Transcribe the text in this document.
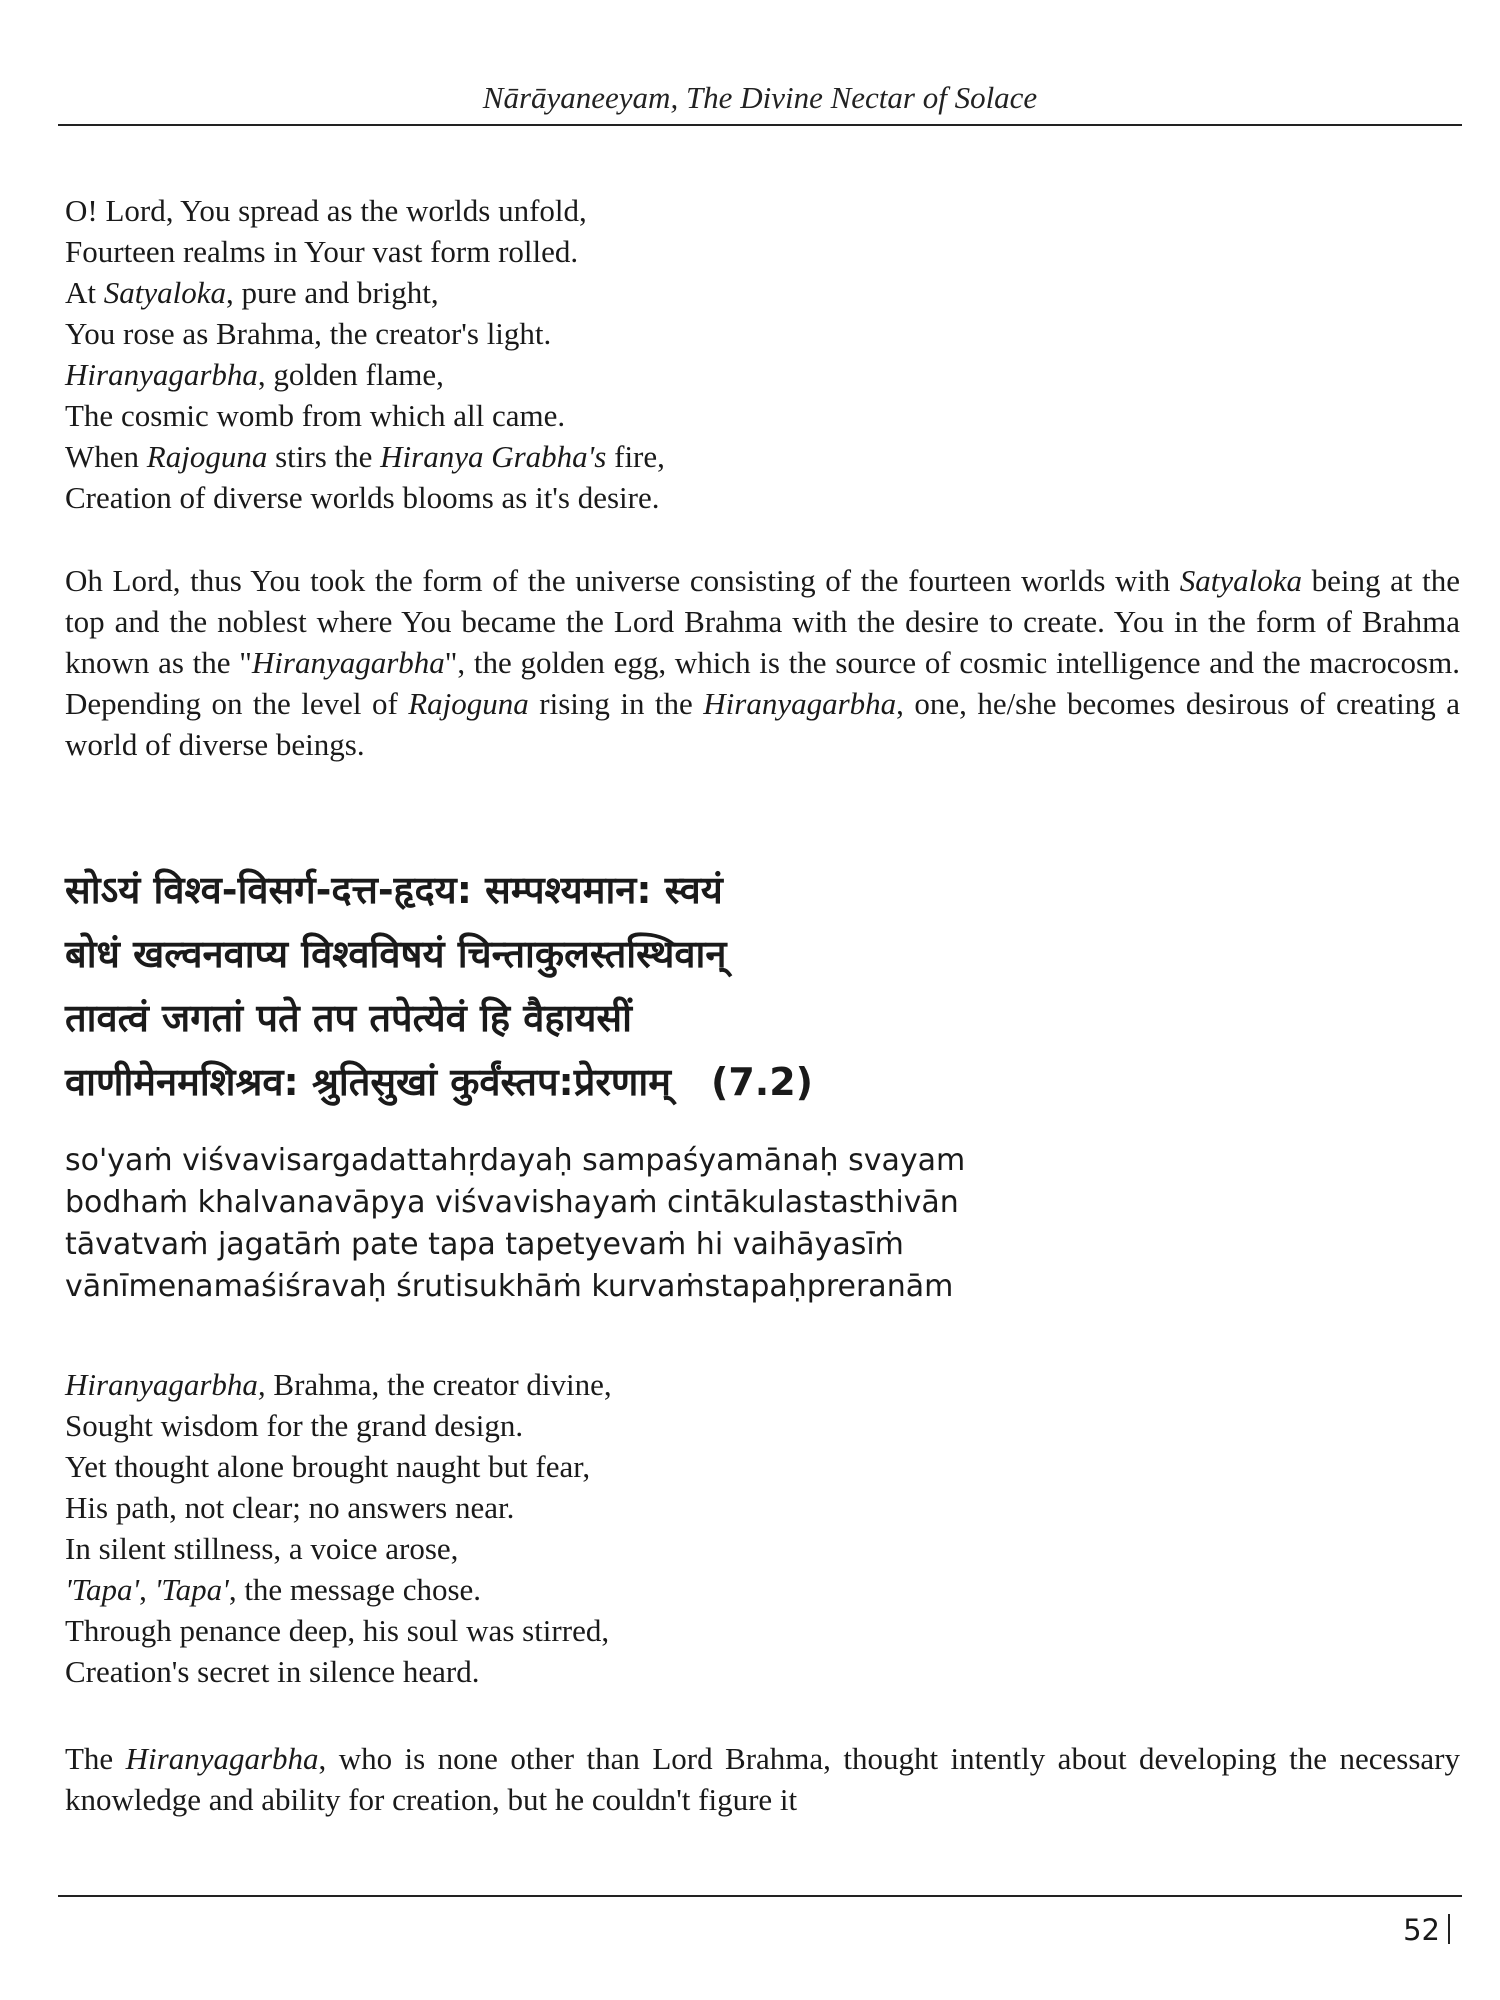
Nārāyaneeyam, The Divine Nectar of Solace
O! Lord, You spread as the worlds unfold,
Fourteen realms in Your vast form rolled.
At Satyaloka, pure and bright,
You rose as Brahma, the creator's light.
Hiranyagarbha, golden flame,
The cosmic womb from which all came.
When Rajoguna stirs the Hiranya Grabha's fire,
Creation of diverse worlds blooms as it's desire.
Oh Lord, thus You took the form of the universe consisting of the fourteen worlds with Satyaloka being at the top and the noblest where You became the Lord Brahma with the desire to create. You in the form of Brahma known as the "Hiranyagarbha", the golden egg, which is the source of cosmic intelligence and the macrocosm. Depending on the level of Rajoguna rising in the Hiranyagarbha, one, he/she becomes desirous of creating a world of diverse beings.
सोऽयं विश्व-विसर्ग-दत्त-हृदय: सम्पश्यमान: स्वयं
बोधं खल्वनवाप्य विश्वविषयं चिन्ताकुलस्तस्थिवान्
तावत्वं जगतां पते तप तपेत्येवं हि वैहायसीं
वाणीमेनमशिश्रव: श्रुतिसुखां कुर्वंस्तप:प्रेरणाम् (7.2)
so'yaṁ viśvavisargadattahṛdayaḥ sampaśyamānaḥ svayam
bodhaṁ khalvanavāpya viśvavishayaṁ cintākulastasthivān
tāvatvaṁ jagatāṁ pate tapa tapetyevaṁ hi vaihāyasīṁ
vānīmenamaśiśravaḥ śrutisukhāṁ kurvaṁstapaḥpreranām
Hiranyagarbha, Brahma, the creator divine,
Sought wisdom for the grand design.
Yet thought alone brought naught but fear,
His path, not clear; no answers near.
In silent stillness, a voice arose,
'Tapa', 'Tapa', the message chose.
Through penance deep, his soul was stirred,
Creation's secret in silence heard.
The Hiranyagarbha, who is none other than Lord Brahma, thought intently about developing the necessary knowledge and ability for creation, but he couldn't figure it
52
